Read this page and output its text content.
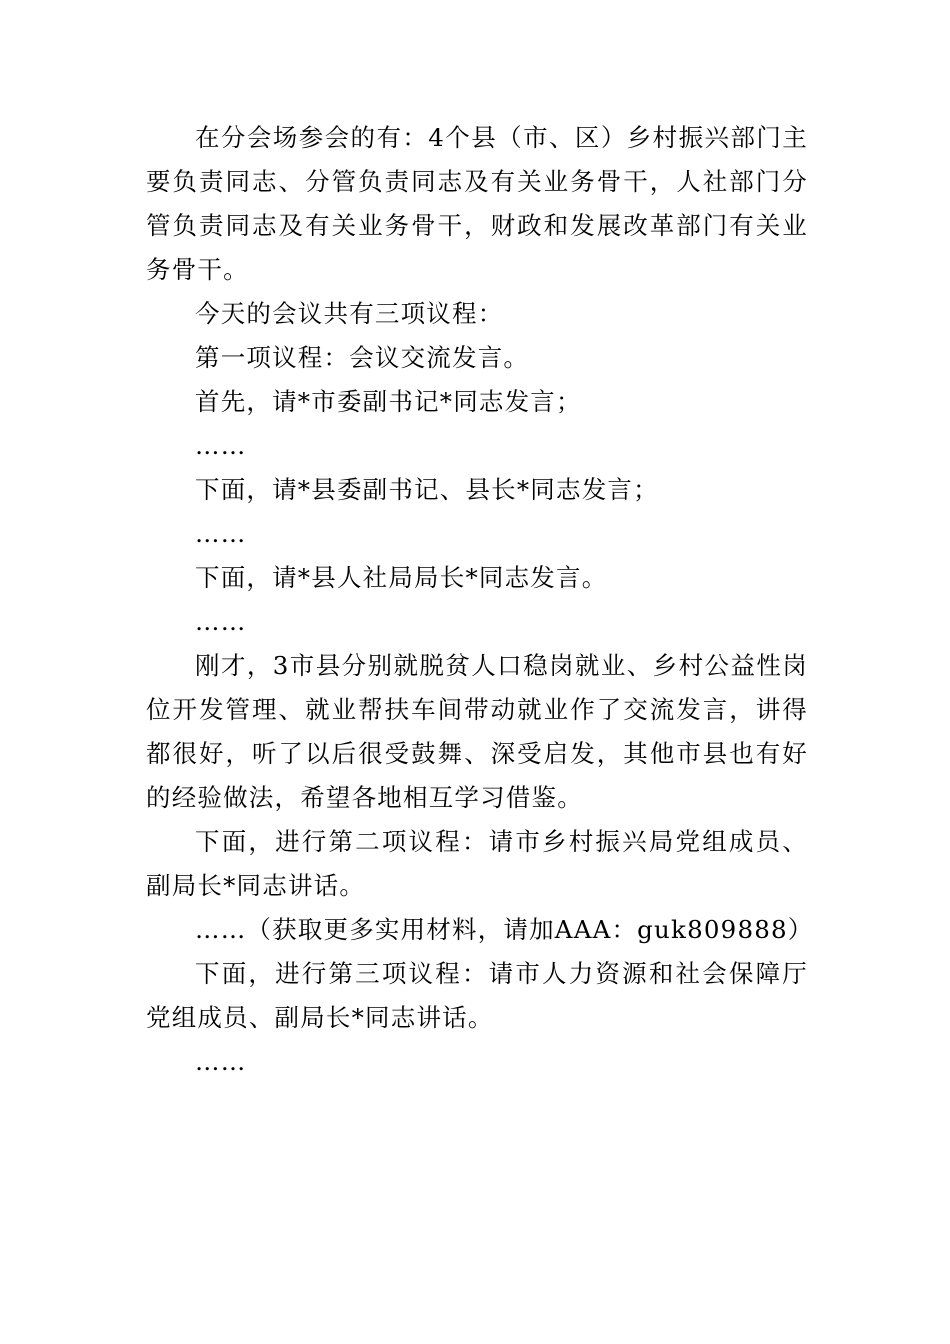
在分会场参会的有：4个县（市、区）乡村振兴部门主要负责同志、分管负责同志及有关业务骨干，人社部门分管负责同志及有关业务骨干，财政和发展改革部门有关业务骨干。

今天的会议共有三项议程：

第一项议程：会议交流发言。

首先，请*市委副书记*同志发言；

……

下面，请*县委副书记、县长*同志发言；

……

下面，请*县人社局局长*同志发言。

……

刚才，3市县分别就脱贫人口稳岗就业、乡村公益性岗位开发管理、就业帮扶车间带动就业作了交流发言，讲得都很好，听了以后很受鼓舞、深受启发，其他市县也有好的经验做法，希望各地相互学习借鉴。

下面，进行第二项议程：请市乡村振兴局党组成员、副局长*同志讲话。

……（获取更多实用材料，请加AAA：guk809888）

下面，进行第三项议程：请市人力资源和社会保障厅党组成员、副局长*同志讲话。

……
